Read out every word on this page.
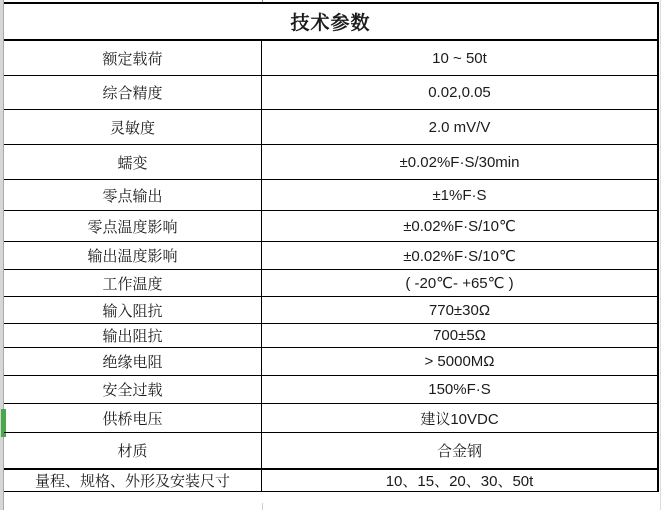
技术参数
额定载荷	10 ~ 50t
综合精度	0.02,0.05
灵敏度	2.0 mV/V
蠕变	±0.02%F·S/30min
零点输出	±1%F·S
零点温度影响	±0.02%F·S/10℃
输出温度影响	±0.02%F·S/10℃
工作温度	( -20℃- +65℃ )
输入阻抗	770±30Ω
输出阻抗	700±5Ω
绝缘电阻	> 5000MΩ
安全过载	150%F·S
供桥电压	建议10VDC
材质	合金钢
量程、规格、外形及安装尺寸	10、15、20、30、50t
